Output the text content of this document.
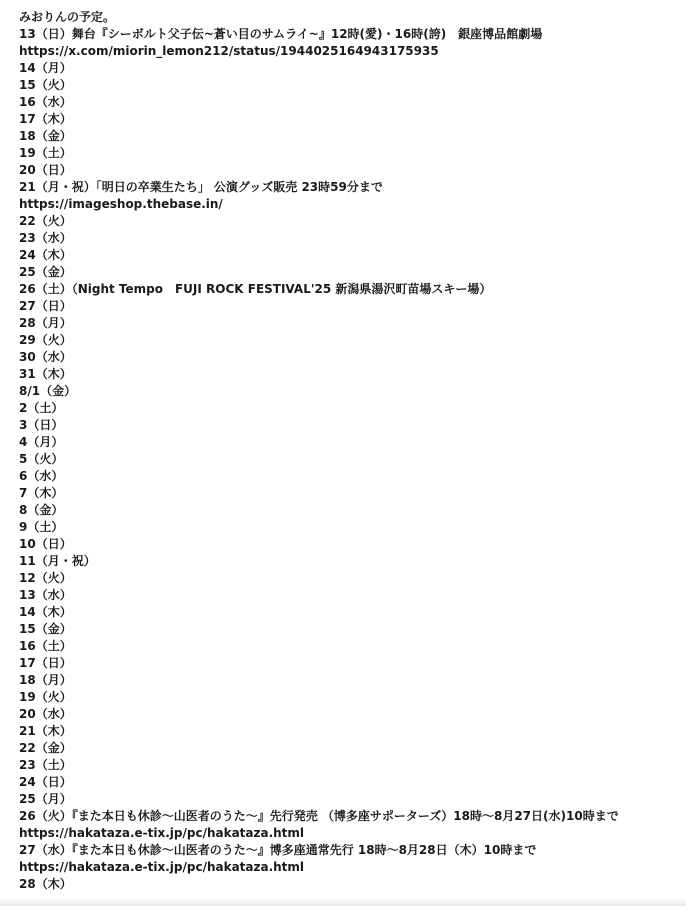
みおりんの予定。
13（日）舞台『シーボルト父子伝~蒼い目のサムライ~』12時(愛)・16時(誇)　銀座博品館劇場
https://x.com/miorin_lemon212/status/1944025164943175935
14（月）
15（火）
16（水）
17（木）
18（金）
19（土）
20（日）
21（月・祝）「明日の卒業生たち」 公演グッズ販売 23時59分まで
https://imageshop.thebase.in/
22（火）
23（水）
24（木）
25（金）
26（土）（Night Tempo　FUJI ROCK FESTIVAL'25 新潟県湯沢町苗場スキー場）
27（日）
28（月）
29（火）
30（水）
31（木）
8/1（金）
2（土）
3（日）
4（月）
5（火）
6（水）
7（木）
8（金）
9（土）
10（日）
11（月・祝）
12（火）
13（水）
14（木）
15（金）
16（土）
17（日）
18（月）
19（火）
20（水）
21（木）
22（金）
23（土）
24（日）
25（月）
26（火）『また本日も休診〜山医者のうた〜』先行発売 （博多座サポーターズ）18時〜8月27日(水)10時まで
https://hakataza.e-tix.jp/pc/hakataza.html
27（水）『また本日も休診〜山医者のうた〜』博多座通常先行 18時〜8月28日（木）10時まで
https://hakataza.e-tix.jp/pc/hakataza.html
28（木）
